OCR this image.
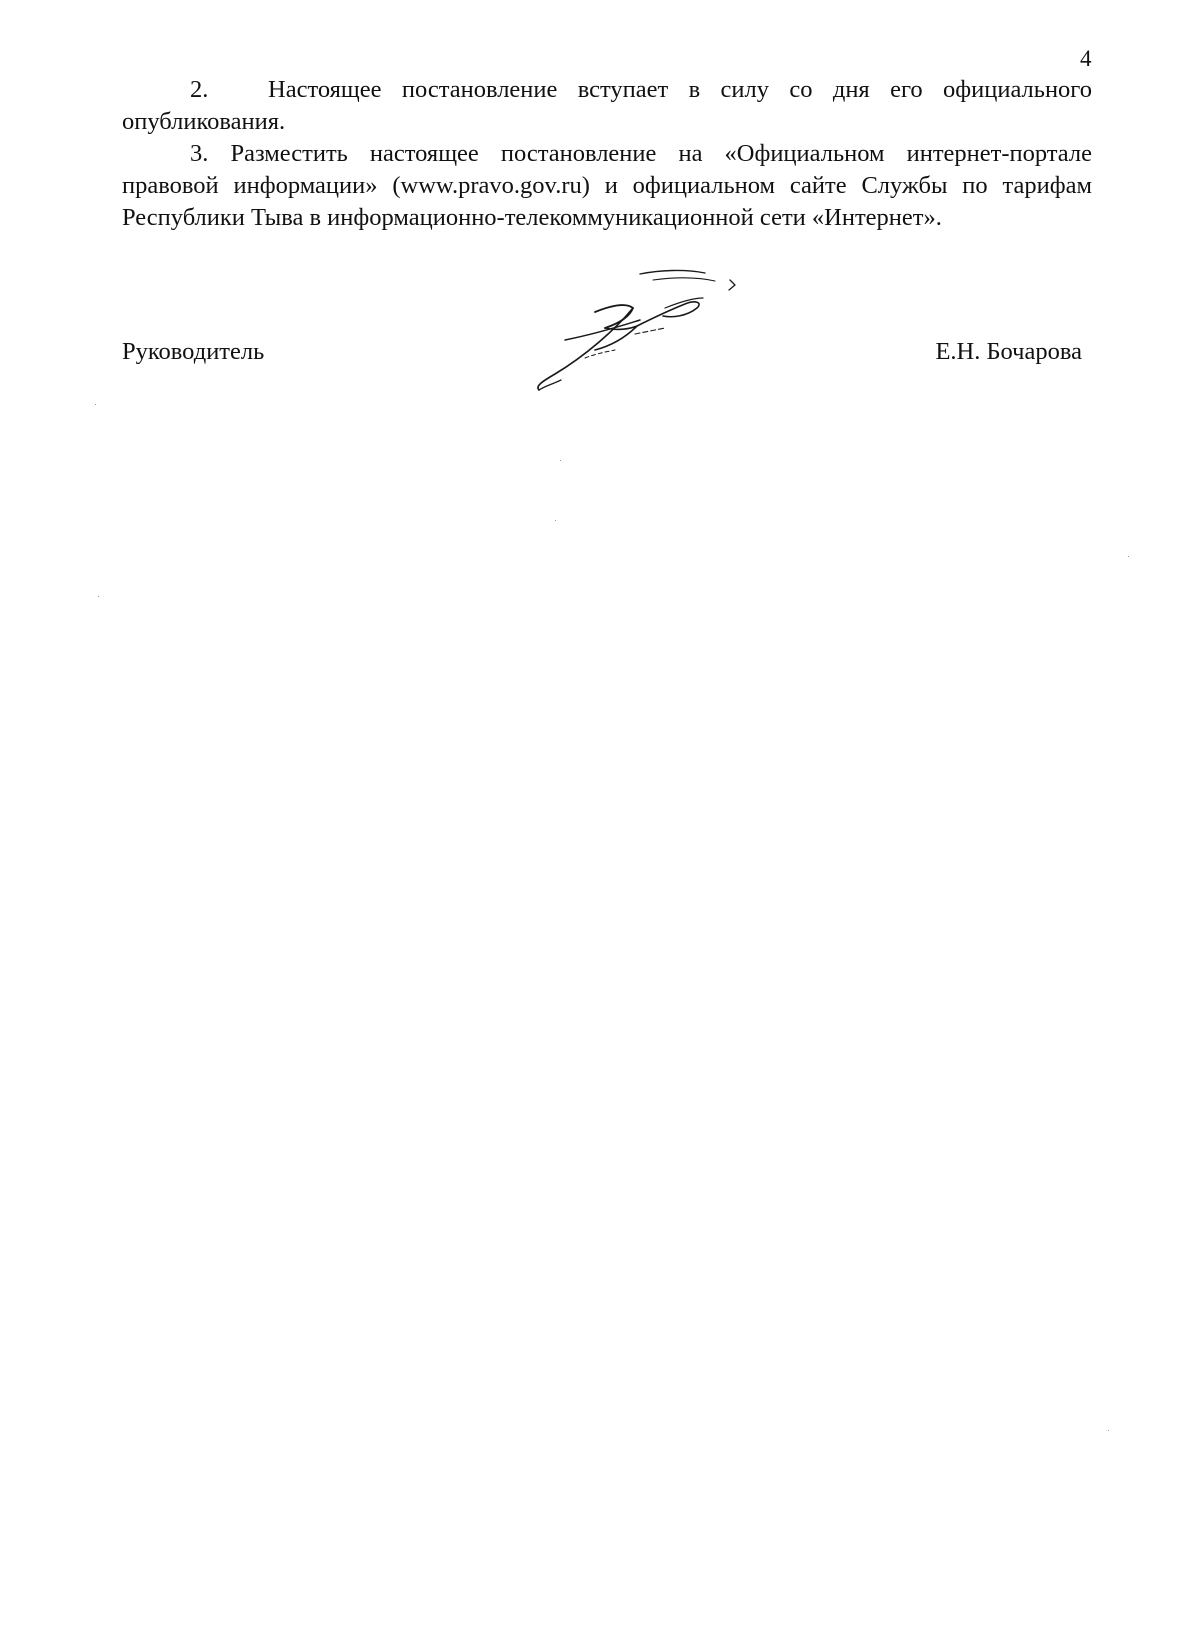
4

2. Настоящее постановление вступает в силу со дня его официального опубликования.

3. Разместить настоящее постановление на «Официальном интернет-портале правовой информации» (www.pravo.gov.ru) и официальном сайте Службы по тарифам Республики Тыва в информационно-телекоммуникационной сети «Интернет».

Руководитель	Е.Н. Бочарова
